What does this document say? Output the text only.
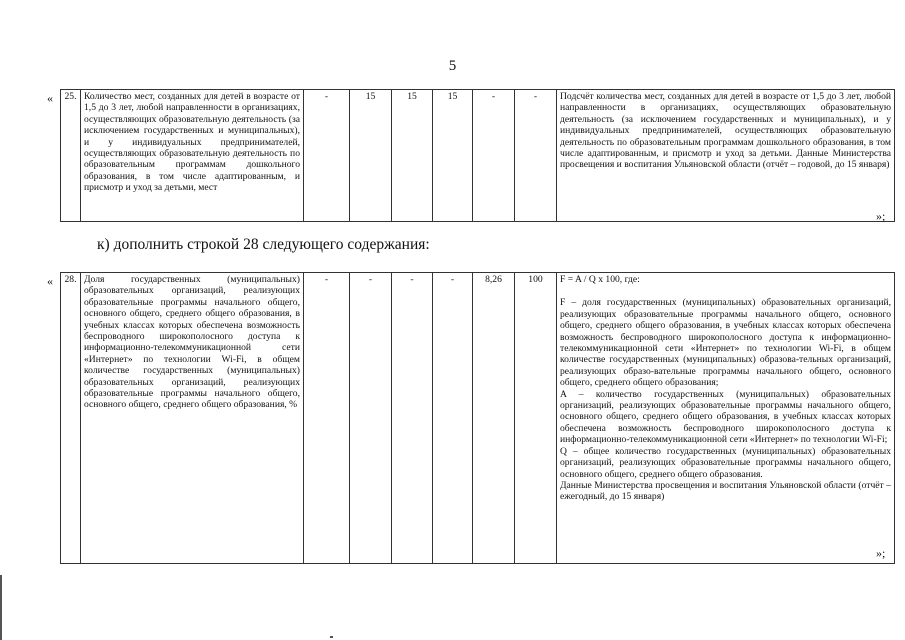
5
« 25.	Количество мест, созданных для детей в возрасте от 1,5 до 3 лет, любой направленности в организациях, осуществляющих образовательную деятельность (за исключением государственных и муниципальных), и у индивидуальных предпринимателей, осуществляющих образовательную деятельность по образовательным программам дошкольного образования, в том числе адаптированным, и присмотр и уход за детьми, мест	-	15	15	15	-	-	Подсчёт количества мест, созданных для детей в возрасте от 1,5 до 3 лет, любой направленности в организациях, осуществляющих образовательную деятельность (за исключением государственных и муниципальных), и у индивидуальных предпринимателей, осуществляющих образовательную деятельность по образовательным программам дошкольного образования, в том числе адаптированным, и присмотр и уход за детьми. Данные Министерства просвещения и воспитания Ульяновской области (отчёт – годовой, до 15 января)
»;
к) дополнить строкой 28 следующего содержания:
« 28.	Доля государственных (муниципальных) образовательных организаций, реализующих образовательные программы начального общего, основного общего, среднего общего образования, в учебных классах которых обеспечена возможность беспроводного широкополосного доступа к информационно-телекоммуникационной сети «Интернет» по технологии Wi-Fi, в общем количестве государственных (муниципальных) образовательных организаций, реализующих образовательные программы начального общего, основного общего, среднего общего образования, %	-	-	-	-	8,26	100	F = A / Q x 100, где:
F – доля государственных (муниципальных) образовательных организаций, реализующих образовательные программы начального общего, основного общего, среднего общего образования, в учебных классах которых обеспечена возможность беспроводного широкополосного доступа к информационно-телекоммуникационной сети «Интернет» по технологии Wi-Fi, в общем количестве государственных (муниципальных) образова-тельных организаций, реализующих образо-вательные программы начального общего, основного общего, среднего общего образования;
A – количество государственных (муниципальных) образовательных организаций, реализующих образовательные программы начального общего, основного общего, среднего общего образования, в учебных классах которых обеспечена возможность беспроводного широкополосного доступа к информационно-телекоммуникационной сети «Интернет» по технологии Wi-Fi;
Q – общее количество государственных (муниципальных) образовательных организаций, реализующих образовательные программы начального общего, основного общего, среднего общего образования.
Данные Министерства просвещения и воспитания Ульяновской области (отчёт – ежегодный, до 15 января)
»;
